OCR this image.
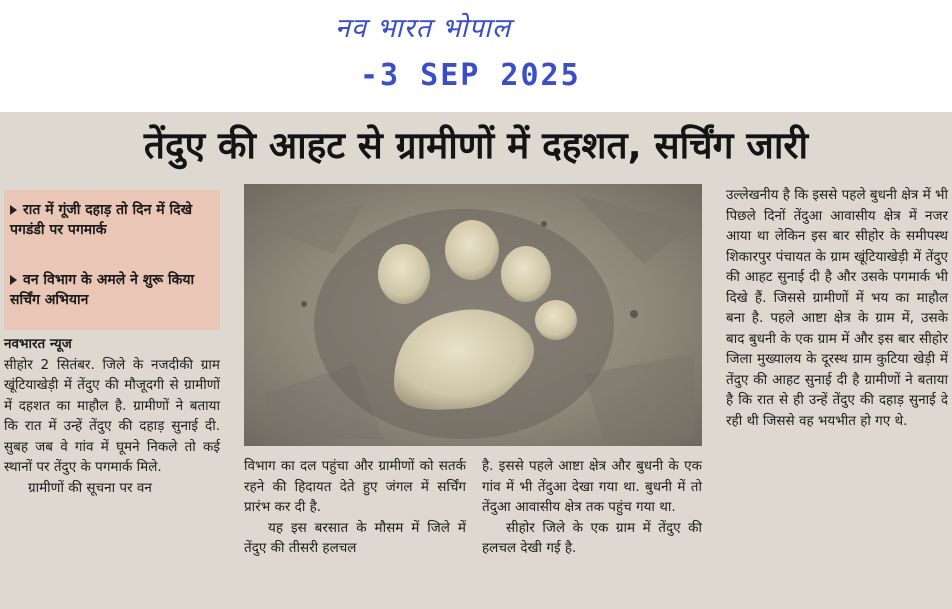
नव भारत भोपाल
-3 SEP 2025
तेंदुए की आहट से ग्रामीणों में दहशत, सर्चिंग जारी
रात में गूंजी दहाड़ तो दिन में दिखे पगडंडी पर पगमार्क
वन विभाग के अमले ने शुरू किया सर्चिंग अभियान

नवभारत न्यूज

सीहोर 2 सितंबर. जिले के नजदीकी ग्राम खूंटियाखेड़ी में तेंदुए की मौजूदगी से ग्रामीणों में दहशत का माहौल है. ग्रामीणों ने बताया कि रात में उन्हें तेंदुए की दहाड़ सुनाई दी. सुबह जब वे गांव में घूमने निकले तो कई स्थानों पर तेंदुए के पगमार्क मिले.

ग्रामीणों की सूचना पर वन

विभाग का दल पहुंचा और ग्रामीणों को सतर्क रहने की हिदायत देते हुए जंगल में सर्चिंग प्रारंभ कर दी है.

यह इस बरसात के मौसम में जिले में तेंदुए की तीसरी हलचल

है. इससे पहले आष्टा क्षेत्र और बुधनी के एक गांव में भी तेंदुआ देखा गया था. बुधनी में तो तेंदुआ आवासीय क्षेत्र तक पहुंच गया था.

सीहोर जिले के एक ग्राम में तेंदुए की हलचल देखी गई है.

उल्लेखनीय है कि इससे पहले बुधनी क्षेत्र में भी पिछले दिनों तेंदुआ आवासीय क्षेत्र में नजर आया था लेकिन इस बार सीहोर के समीपस्थ शिकारपुर पंचायत के ग्राम खूंटियाखेड़ी में तेंदुए की आहट सुनाई दी है और उसके पगमार्क भी दिखे हैं. जिससे ग्रामीणों में भय का माहौल बना है. पहले आष्टा क्षेत्र के ग्राम में, उसके बाद बुधनी के एक ग्राम में और इस बार सीहोर जिला मुख्यालय के दूरस्थ ग्राम कुटिया खेड़ी में तेंदुए की आहट सुनाई दी है ग्रामीणों ने बताया है कि रात से ही उन्हें तेंदुए की दहाड़ सुनाई दे रही थी जिससे वह भयभीत हो गए थे.
